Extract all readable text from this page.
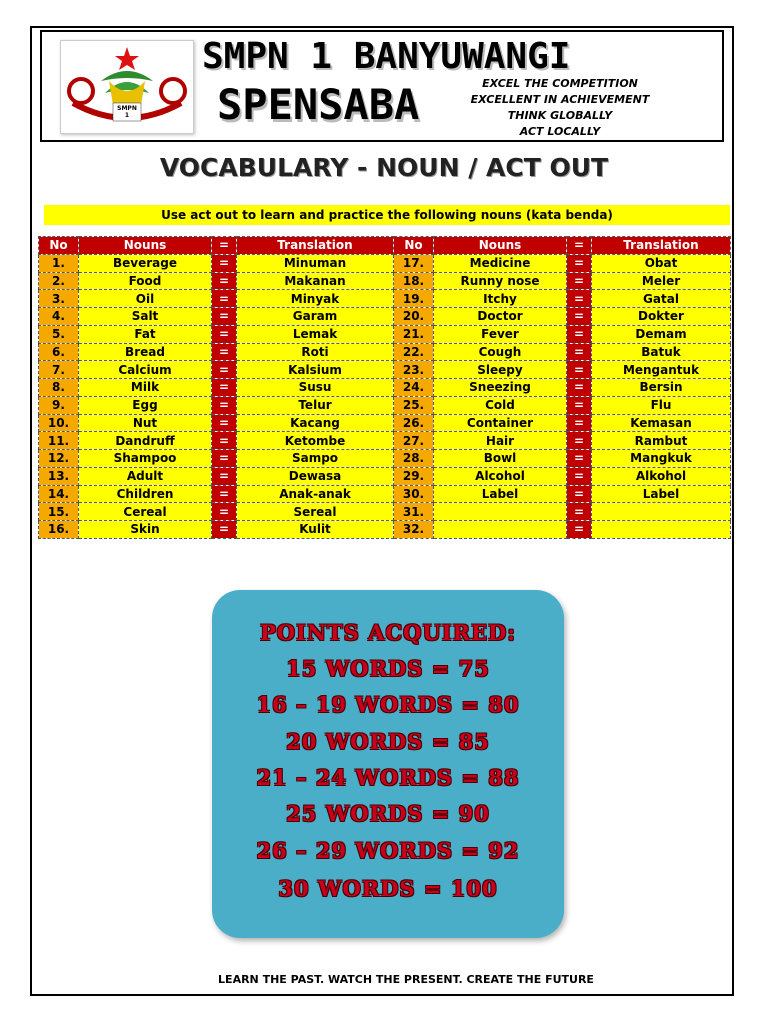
SMPN
1
BANYUWANGI
SMPN 1 BANYUWANGI
SPENSABA	EXCEL THE COMPETITION
EXCELLENT IN ACHIEVEMENT
THINK GLOBALLY
ACT LOCALLY
VOCABULARY - NOUN / ACT OUT
Use act out to learn and practice the following nouns (kata benda)
No	Nouns	=	Translation	No	Nouns	=	Translation
1.	Beverage	=	Minuman	17.	Medicine	=	Obat
2.	Food	=	Makanan	18.	Runny nose	=	Meler
3.	Oil	=	Minyak	19.	Itchy	=	Gatal
4.	Salt	=	Garam	20.	Doctor	=	Dokter
5.	Fat	=	Lemak	21.	Fever	=	Demam
6.	Bread	=	Roti	22.	Cough	=	Batuk
7.	Calcium	=	Kalsium	23.	Sleepy	=	Mengantuk
8.	Milk	=	Susu	24.	Sneezing	=	Bersin
9.	Egg	=	Telur	25.	Cold	=	Flu
10.	Nut	=	Kacang	26.	Container	=	Kemasan
11.	Dandruff	=	Ketombe	27.	Hair	=	Rambut
12.	Shampoo	=	Sampo	28.	Bowl	=	Mangkuk
13.	Adult	=	Dewasa	29.	Alcohol	=	Alkohol
14.	Children	=	Anak-anak	30.	Label	=	Label
15.	Cereal	=	Sereal	31.		=	
16.	Skin	=	Kulit	32.		=	
POINTS ACQUIRED:
15 WORDS = 75
16 – 19 WORDS = 80
20 WORDS = 85
21 – 24 WORDS = 88
25 WORDS = 90
26 – 29 WORDS = 92
30 WORDS = 100
LEARN THE PAST. WATCH THE PRESENT. CREATE THE FUTURE
